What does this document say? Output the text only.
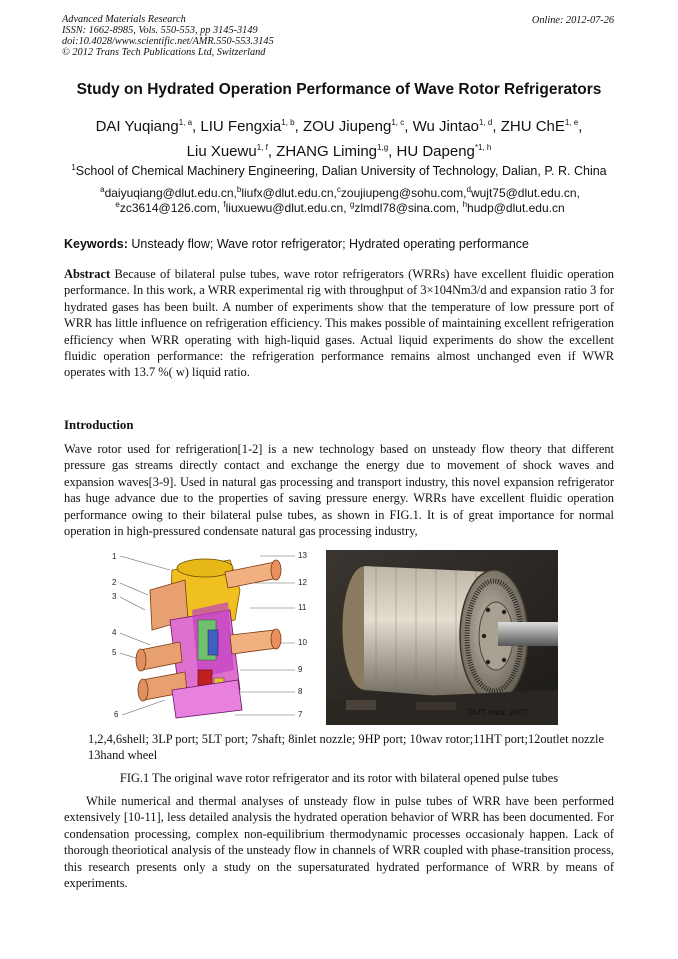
Advanced Materials Research
ISSN: 1662-8985, Vols. 550-553, pp 3145-3149
doi:10.4028/www.scientific.net/AMR.550-553.3145
© 2012 Trans Tech Publications Ltd, Switzerland
Online: 2012-07-26
Study on Hydrated Operation Performance of Wave Rotor Refrigerators
DAI Yuqiang$^{1, a}$, LIU Fengxia$^{1, b}$, ZOU Jiupeng$^{1, c}$, Wu Jintao$^{1, d}$, ZHU ChE$^{1, e}$,
Liu Xuewu$^{1, f}$, ZHANG Liming$^{1,g}$, HU Dapeng$^{*1, h}$
$^1$School of Chemical Machinery Engineering, Dalian University of Technology, Dalian, P. R. China
$^a$daiyuqiang@dlut.edu.cn,$^b$liufx@dlut.edu.cn,$^c$zoujiupeng@sohu.com,$^d$wujt75@dlut.edu.cn,
$^e$zc3614@126.com, $^f$liuxuewu@dlut.edu.cn, $^g$zlmdl78@sina.com, $^h$hudp@dlut.edu.cn
Keywords: Unsteady flow; Wave rotor refrigerator; Hydrated operating performance
Abstract Because of bilateral pulse tubes, wave rotor refrigerators (WRRs) have excellent fluidic operation performance. In this work, a WRR experimental rig with throughput of 3×104Nm3/d and expansion ratio 3 for hydrated gases has been built. A number of experiments show that the temperature of low pressure port of WRR has little influence on refrigeration efficiency. This makes possible of maintaining excellent refrigeration efficiency when WRR operating with high-liquid gases. Actual liquid experiments do show the excellent fluidic operation performance: the refrigeration performance remains almost unchanged even if WWR operates with 13.7 %( w) liquid ratio.
Introduction
Wave rotor used for refrigeration[1-2] is a new technology based on unsteady flow theory that different pressure gas streams directly contact and exchange the energy due to movement of shock waves and expansion waves[3-9]. Used in natural gas processing and transport industry, this novel expansion refrigerator has huge advance due to the properties of saving pressure energy. WRRs have excellent fluidic operation performance owing to their bilateral pulse tubes, as shown in FIG.1. It is of great importance for normal operation in high-pressured condensate natural gas processing industry,
1
2
3
4
5
6
13
12
11
10
9
8
7	DUT rotor, 2007
1,2,4,6shell; 3LP port; 5LT port; 7shaft; 8inlet nozzle; 9HP port; 10wav rotor;11HT port;12outlet nozzle 13hand wheel
FIG.1 The original wave rotor refrigerator and its rotor with bilateral opened pulse tubes
While numerical and thermal analyses of unsteady flow in pulse tubes of WRR have been performed extensively [10-11], less detailed analysis the hydrated operation behavior of WRR has been documented. For condensation processing, complex non-equilibrium thermodynamic processes occasionaly happen. Lack of thorough theoriotical analysis of the unsteady flow in channels of WRR coupled with phase-transition process, this research presents only a study on the supersaturated hydrated performance of WRR by means of experiments.
